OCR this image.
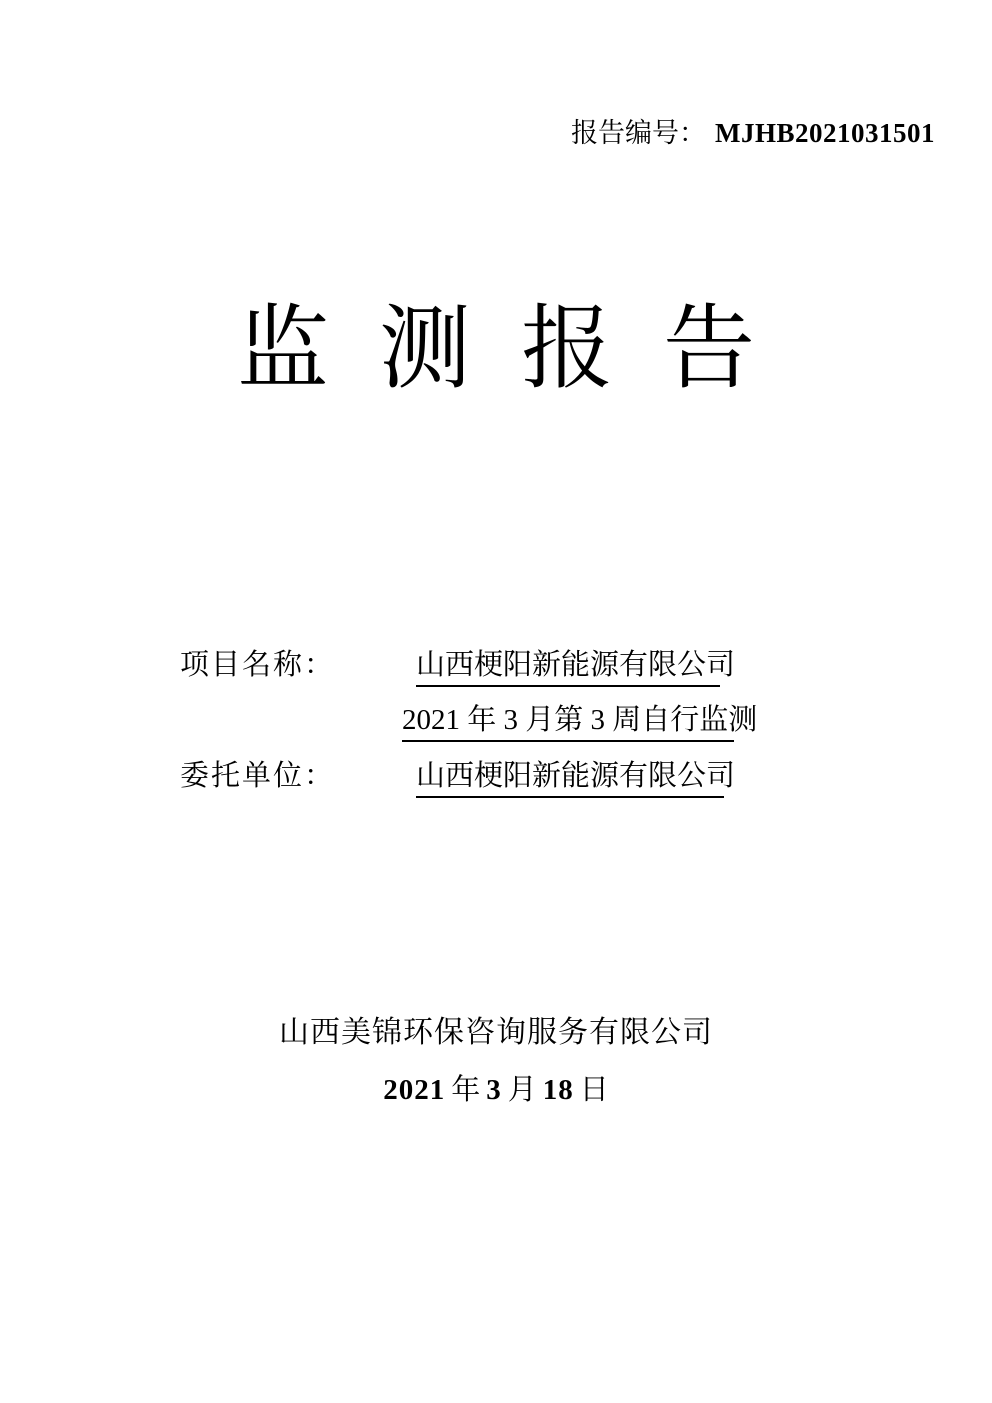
报告编号： MJHB2021031501
监测报告
项目名称：	山西梗阳新能源有限公司
2021 年 3 月第 3 周自行监测
委托单位：	山西梗阳新能源有限公司
山西美锦环保咨询服务有限公司
2021 年 3 月 18 日
